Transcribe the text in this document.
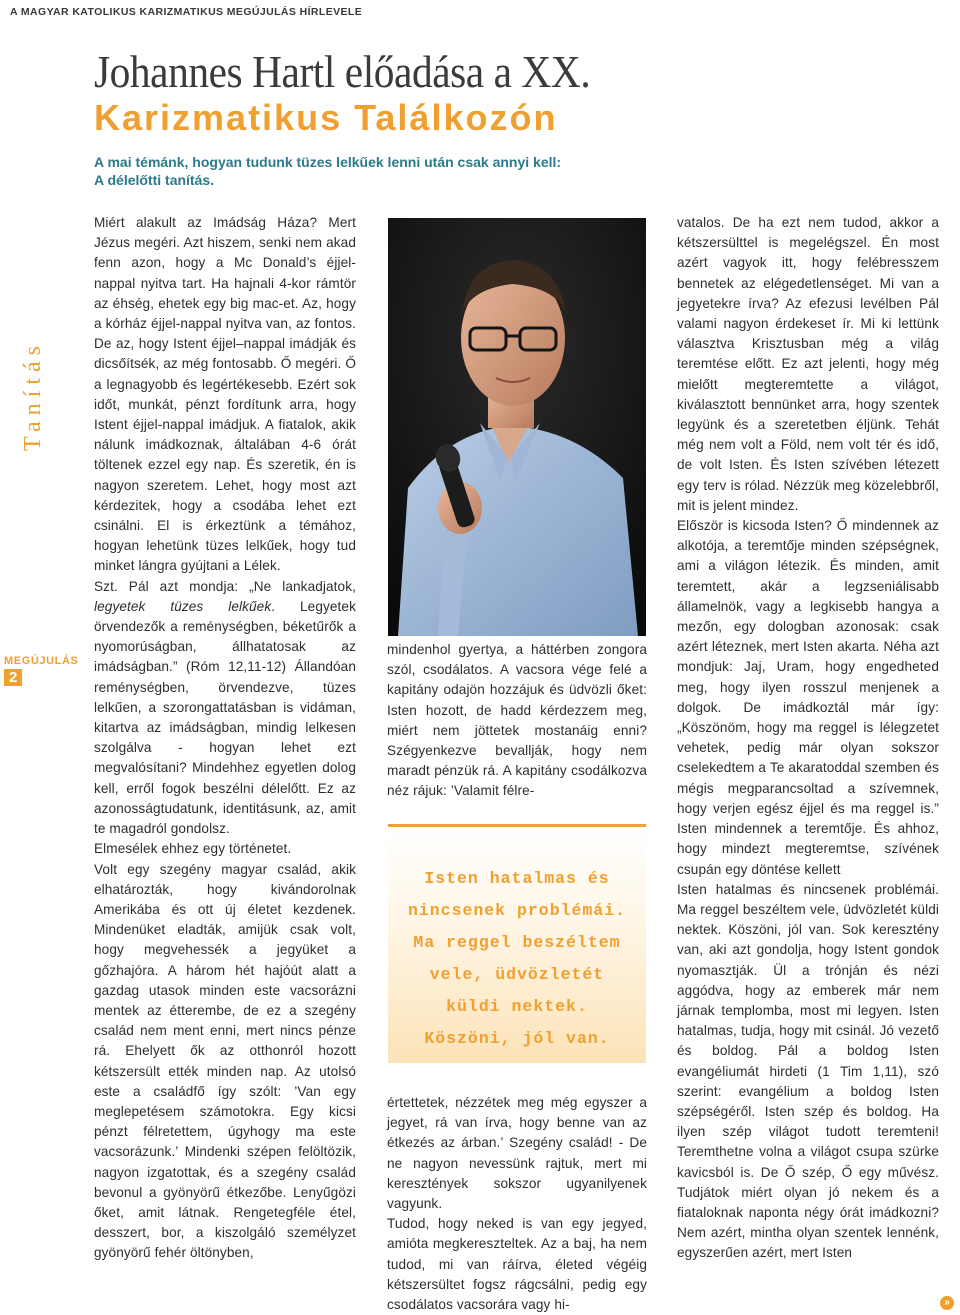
A MAGYAR KATOLIKUS KARIZMATIKUS MEGÚJULÁS HÍRLEVELE
Johannes Hartl előadása a XX.
Karizmatikus Találkozón
A mai témánk, hogyan tudunk tüzes lelkűek lenni után csak annyi kell:
A délelőtti tanítás.
Tanítás
MEGÚJULÁS
2

Miért alakult az Imádság Háza? Mert Jézus megéri. Azt hiszem, senki nem akad fenn azon, hogy a Mc Donald’s éjjel-nappal nyitva tart. Ha hajnali 4-kor rámtör az éhség, ehetek egy big mac-et. Az, hogy a kórház éjjel-nappal nyitva van, az fontos. De az, hogy Istent éjjel–nappal imádják és dicsőítsék, az még fontosabb. Ő megéri. Ő a legnagyobb és legértékesebb. Ezért sok időt, munkát, pénzt fordítunk arra, hogy Istent éjjel-nappal imádjuk. A fiatalok, akik nálunk imádkoznak, általában 4-6 órát töltenek ezzel egy nap. És szeretik, én is nagyon szeretem. Lehet, hogy most azt kérdezitek, hogy a csodába lehet ezt csinálni. El is érkeztünk a témához, hogyan lehetünk tüzes lelkűek, hogy tud minket lángra gyújtani a Lélek.

Szt. Pál azt mondja: „Ne lankadjatok, legyetek tüzes lelkűek. Legyetek örvendezők a reménységben, béketűrők a nyomorúságban, állhatatosak az imádságban.” (Róm 12,11-12) Állandóan reménységben, örvendezve, tüzes lelkűen, a szorongattatásban is vidáman, kitartva az imádságban, mindig lelkesen szolgálva - hogyan lehet ezt megvalósítani? Mindehhez egyetlen dolog kell, erről fogok beszélni délelőtt. Ez az azonosságtudatunk, identitásunk, az, amit te magadról gondolsz.

Elmesélek ehhez egy történetet.

Volt egy szegény magyar család, akik elhatározták, hogy kivándorolnak Amerikába és ott új életet kezdenek. Mindenüket eladták, amijük csak volt, hogy megvehessék a jegyüket a gőzhajóra. A három hét hajóút alatt a gazdag utasok minden este vacsorázni mentek az étterembe, de ez a szegény család nem ment enni, mert nincs pénze rá. Ehelyett ők az otthonról hozott kétszersült ették minden nap. Az utolsó este a családfő így szólt: ’Van egy meglepetésem számotokra. Egy kicsi pénzt félretettem, úgyhogy ma este vacsorázunk.’ Mindenki szépen felöltözik, nagyon izgatottak, és a szegény család bevonul a gyönyörű étkezőbe. Lenyűgözi őket, amit látnak. Rengetegféle étel, desszert, bor, a kiszolgáló személyzet gyönyörű fehér öltönyben,

mindenhol gyertya, a háttérben zongora szól, csodálatos. A vacsora vége felé a kapitány odajön hozzájuk és üdvözli őket: Isten hozott, de hadd kérdezzem meg, miért nem jöttetek mostanáig enni? Szégyenkezve bevallják, hogy nem maradt pénzük rá. A kapitány csodálkozva néz rájuk: ’Valamit félre-

Isten hatalmas és nincsenek problémái. Ma reggel beszéltem vele, üdvözletét küldi nektek. Köszöni, jól van.

értettetek, nézzétek meg még egyszer a jegyet, rá van írva, hogy benne van az étkezés az árban.’ Szegény család! - De ne nagyon nevessünk rajtuk, mert mi keresztények sokszor ugyanilyenek vagyunk.

Tudod, hogy neked is van egy jegyed, amióta megkereszteltek. Az a baj, ha nem tudod, mi van ráírva, életed végéig kétszersültet fogsz rágcsálni, pedig egy csodálatos vacsorára vagy hi-

vatalos. De ha ezt nem tudod, akkor a kétszersülttel is megelégszel. Én most azért vagyok itt, hogy felébresszem bennetek az elégedetlenséget. Mi van a jegyetekre írva? Az efezusi levélben Pál valami nagyon érdekeset ír. Mi ki lettünk választva Krisztusban még a világ teremtése előtt. Ez azt jelenti, hogy még mielőtt megteremtette a világot, kiválasztott bennünket arra, hogy szentek legyünk és a szeretetben éljünk. Tehát még nem volt a Föld, nem volt tér és idő, de volt Isten. És Isten szívében létezett egy terv is rólad. Nézzük meg közelebbről, mit is jelent mindez.

Először is kicsoda Isten? Ő mindennek az alkotója, a teremtője minden szépségnek, ami a világon létezik. És minden, amit teremtett, akár a legzseniálisabb államelnök, vagy a legkisebb hangya a mezőn, egy dologban azonosak: csak azért léteznek, mert Isten akarta. Néha azt mondjuk: Jaj, Uram, hogy engedheted meg, hogy ilyen rosszul menjenek a dolgok. De imádkoztál már így: „Köszönöm, hogy ma reggel is lélegzetet vehetek, pedig már olyan sokszor cselekedtem a Te akaratoddal szemben és mégis megparancsoltad a szívemnek, hogy verjen egész éjjel és ma reggel is.” Isten mindennek a teremtője. És ahhoz, hogy mindezt megteremtse, szívének csupán egy döntése kellett

Isten hatalmas és nincsenek problémái. Ma reggel beszéltem vele, üdvözletét küldi nektek. Köszöni, jól van. Sok keresztény van, aki azt gondolja, hogy Istent gondok nyomasztják. Ül a trónján és nézi aggódva, hogy az emberek már nem járnak templomba, most mi legyen. Isten hatalmas, tudja, hogy mit csinál. Jó vezető és boldog. Pál a boldog Isten evangéliumát hirdeti (1 Tim 1,11), szó szerint: evangélium a boldog Isten szépségéről. Isten szép és boldog. Ha ilyen szép világot tudott teremteni! Teremthetne volna a világot csupa szürke kavicsból is. De Ő szép, Ő egy művész. Tudjátok miért olyan jó nekem és a fiataloknak naponta négy órát imádkozni? Nem azért, mintha olyan szentek lennénk, egyszerűen azért, mert Isten

»
